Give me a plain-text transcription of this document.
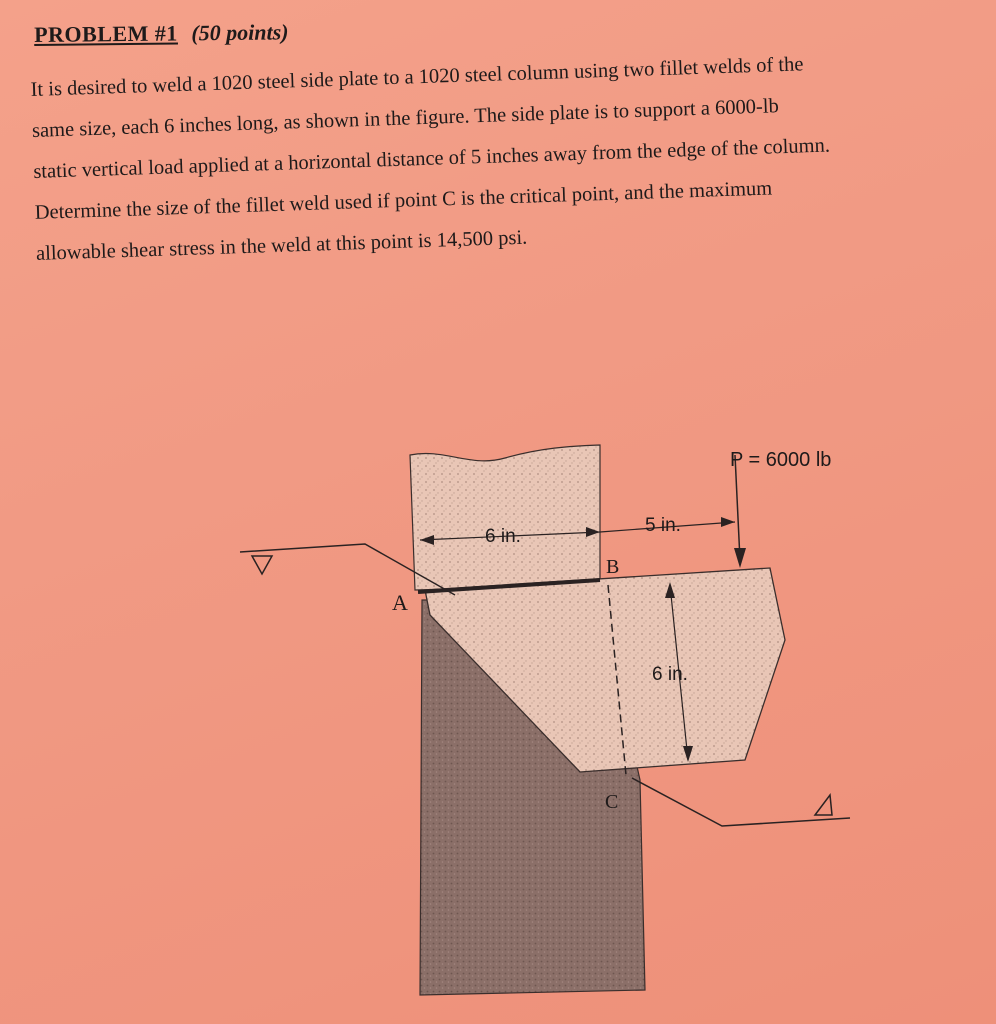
PROBLEM #1 (50 points)

It is desired to weld a 1020 steel side plate to a 1020 steel column using two fillet welds of the

same size, each 6 inches long, as shown in the figure. The side plate is to support a 6000-lb

static vertical load applied at a horizontal distance of 5 inches away from the edge of the column.

Determine the size of the fillet weld used if point C is the critical point, and the maximum

allowable shear stress in the weld at this point is 14,500 psi.

6 in.
5 in.
P = 6000 lb
6 in.
A
B
C
